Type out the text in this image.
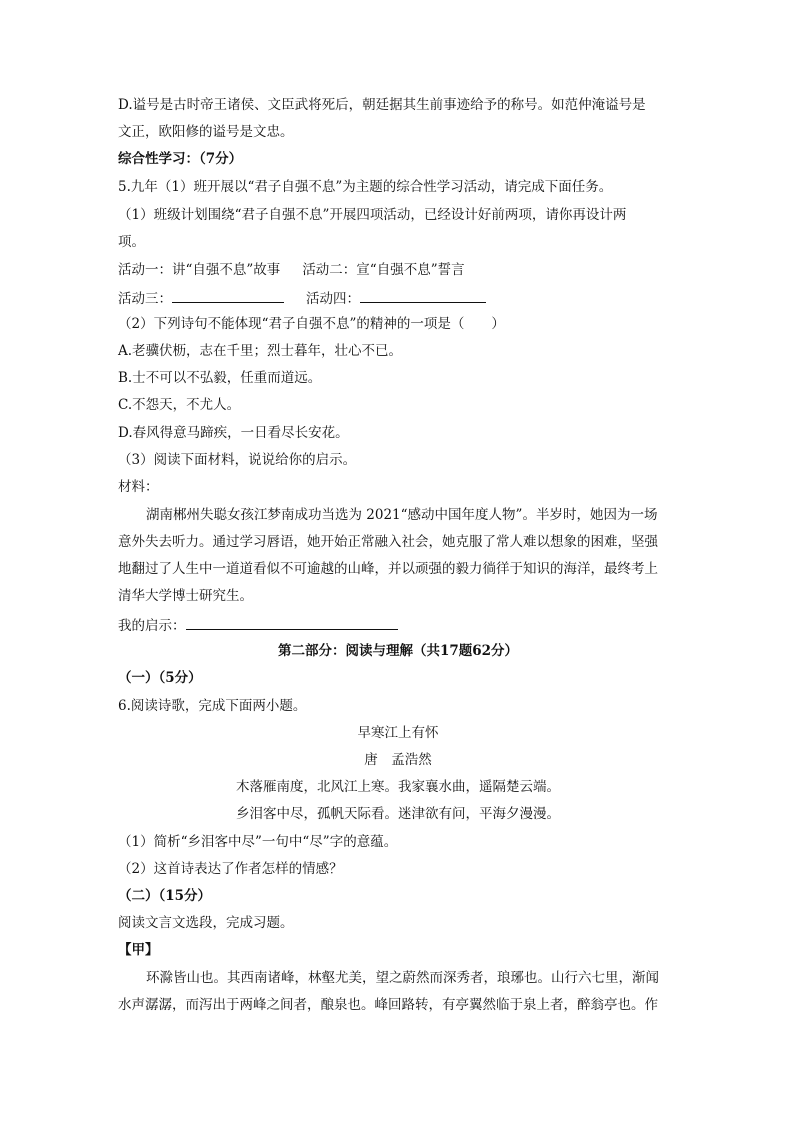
D.谥号是古时帝王诸侯、文臣武将死后，朝廷据其生前事迹给予的称号。如范仲淹谥号是
文正，欧阳修的谥号是文忠。
综合性学习：（7分）
5.九年（1）班开展以“君子自强不息”为主题的综合性学习活动，请完成下面任务。
（1）班级计划围绕“君子自强不息”开展四项活动，已经设计好前两项，请你再设计两
项。
活动一：讲“自强不息”故事 活动二：宣“自强不息”誓言
活动三：	活动四：
（2）下列诗句不能体现“君子自强不息”的精神的一项是（　　）
A.老骥伏枥，志在千里；烈士暮年，壮心不已。
B.士不可以不弘毅，任重而道远。
C.不怨天，不尤人。
D.春风得意马蹄疾，一日看尽长安花。
（3）阅读下面材料，说说给你的启示。
材料：
湖南郴州失聪女孩江梦南成功当选为 2021“感动中国年度人物”。半岁时，她因为一场
意外失去听力。通过学习唇语，她开始正常融入社会，她克服了常人难以想象的困难，坚强
地翻过了人生中一道道看似不可逾越的山峰，并以顽强的毅力徜徉于知识的海洋，最终考上
清华大学博士研究生。
我的启示：
第二部分：阅读与理解（共17题62分）
（一）（5分）
6.阅读诗歌，完成下面两小题。
早寒江上有怀
唐　孟浩然
木落雁南度，北风江上寒。我家襄水曲，遥隔楚云端。
乡泪客中尽，孤帆天际看。迷津欲有问，平海夕漫漫。
（1）简析“乡泪客中尽”一句中“尽”字的意蕴。
（2）这首诗表达了作者怎样的情感？
（二）（15分）
阅读文言文选段，完成习题。
【甲】
环滁皆山也。其西南诸峰，林壑尤美，望之蔚然而深秀者，琅琊也。山行六七里，渐闻
水声潺潺，而泻出于两峰之间者，酿泉也。峰回路转，有亭翼然临于泉上者，醉翁亭也。作
